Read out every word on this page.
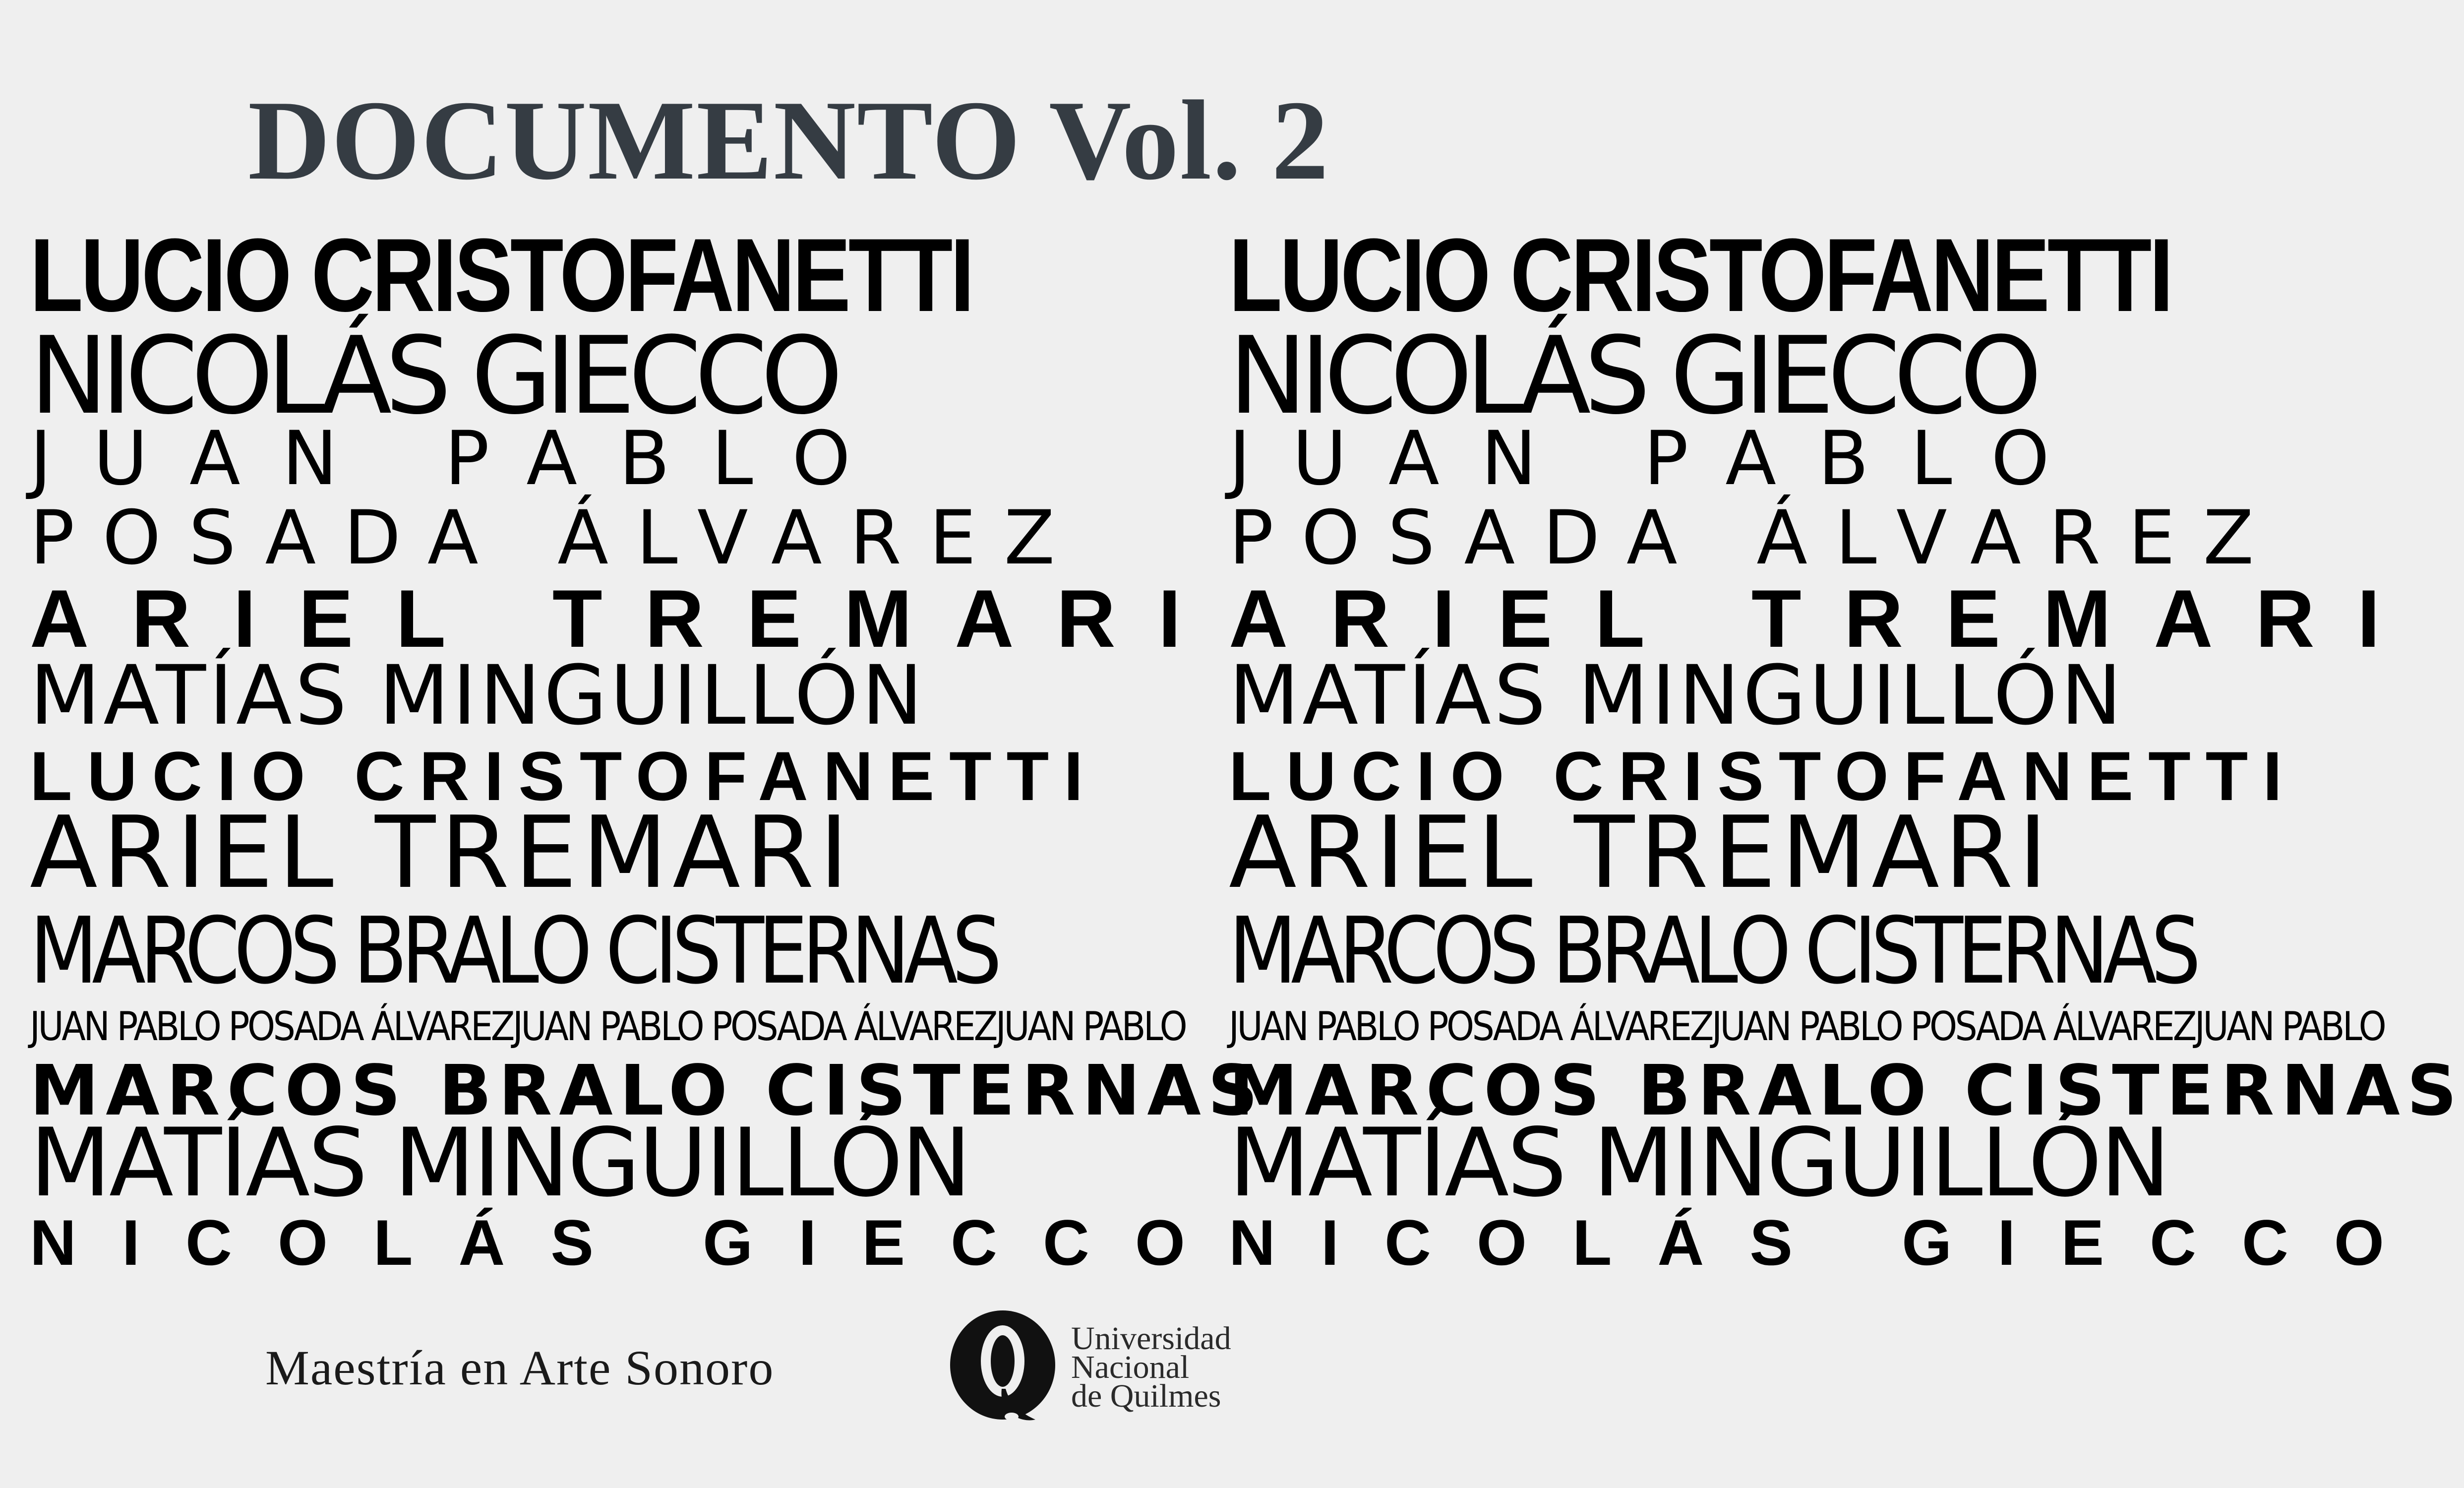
DOCUMENTO Vol. 2
LUCIO CRISTOFANETTI
NICOLÁS GIECCO
JUAN PABLO
POSADA ÁLVAREZ
ARIEL TREMARI
MATÍAS MINGUILLÓN
LUCIO CRISTOFANETTI
ARIEL TREMARI
MARCOS BRALO CISTERNAS
JUAN PABLO POSADA ÁLVAREZJUAN PABLO POSADA ÁLVAREZJUAN PABLO
MARCOS BRALO CISTERNAS
MATÍAS MINGUILLÓN
NICOLÁS GIECCO
LUCIO CRISTOFANETTI
NICOLÁS GIECCO
JUAN PABLO
POSADA ÁLVAREZ
ARIEL TREMARI
MATÍAS MINGUILLÓN
LUCIO CRISTOFANETTI
ARIEL TREMARI
MARCOS BRALO CISTERNAS
JUAN PABLO POSADA ÁLVAREZJUAN PABLO POSADA ÁLVAREZJUAN PABLO
MARCOS BRALO CISTERNAS
MATÍAS MINGUILLÓN
NICOLÁS GIECCO
Maestría en Arte Sonoro
Universidad
Nacional
de Quilmes
